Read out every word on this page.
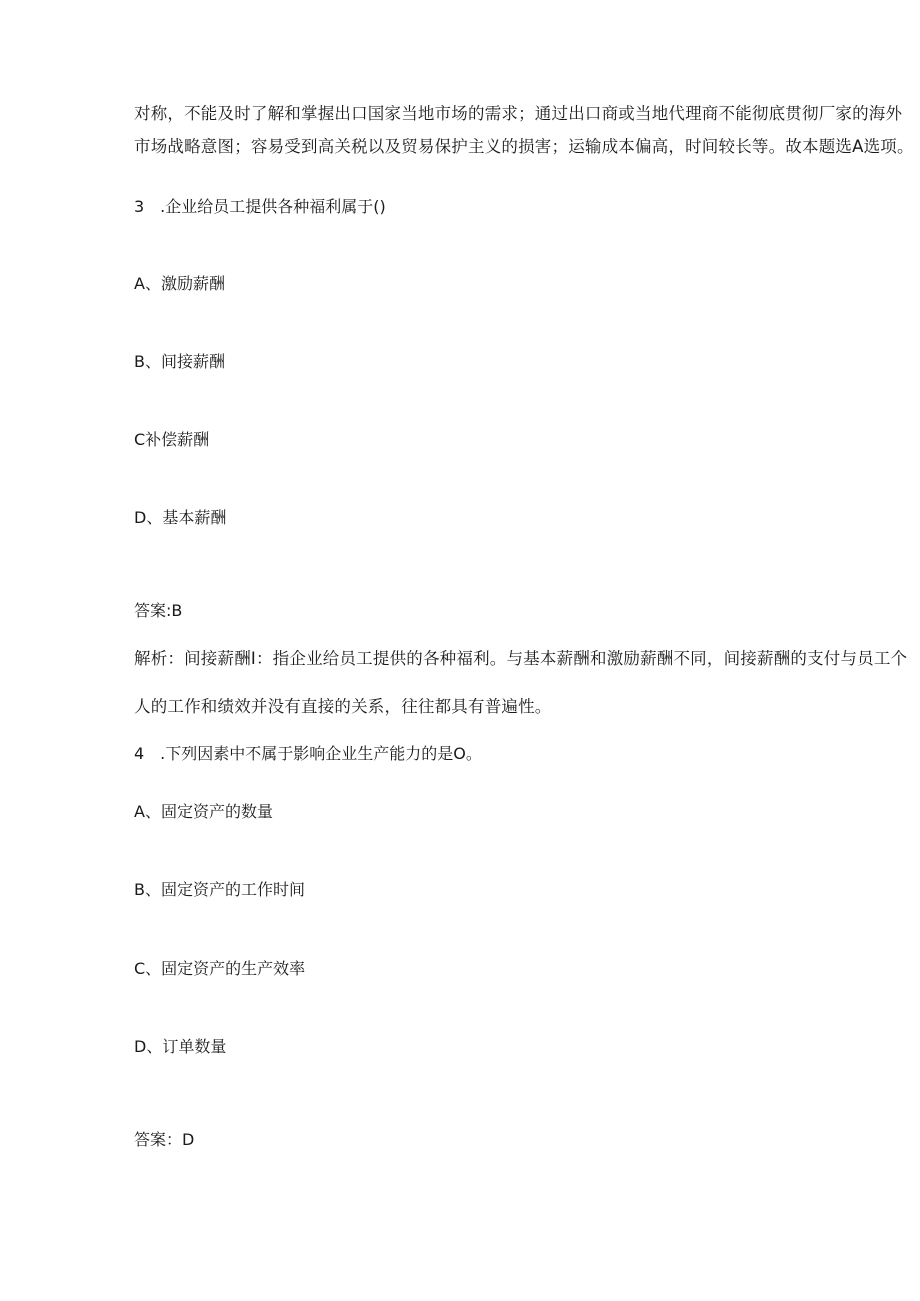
对称，不能及时了解和掌握出口国家当地市场的需求；通过出口商或当地代理商不能彻底贯彻厂家的海外
市场战略意图；容易受到高关税以及贸易保护主义的损害；运输成本偏高，时间较长等。故本题选A选项。
3　.企业给员工提供各种福利属于()
A、激励薪酬
B、间接薪酬
C补偿薪酬
D、基本薪酬
答案:B
解析：间接薪酬I：指企业给员工提供的各种福利。与基本薪酬和激励薪酬不同，间接薪酬的支付与员工个
人的工作和绩效并没有直接的关系，往往都具有普遍性。
4　.下列因素中不属于影响企业生产能力的是O。
A、固定资产的数量
B、固定资产的工作时间
C、固定资产的生产效率
D、订单数量
答案：D
